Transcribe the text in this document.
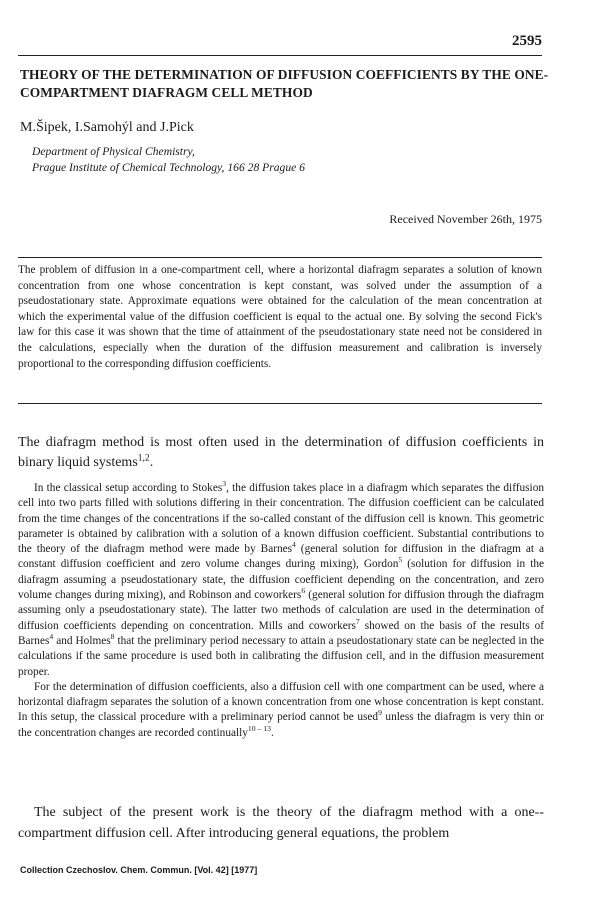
2595
THEORY OF THE DETERMINATION OF DIFFUSION COEFFICIENTS BY THE ONE-COMPARTMENT DIAFRAGM CELL METHOD
M.Šipek, I.Samohýl and J.Pick
Department of Physical Chemistry,
Prague Institute of Chemical Technology, 166 28 Prague 6
Received November 26th, 1975
The problem of diffusion in a one-compartment cell, where a horizontal diafragm separates a solution of known concentration from one whose concentration is kept constant, was solved under the assumption of a pseudostationary state. Approximate equations were obtained for the calculation of the mean concentration at which the experimental value of the diffusion coefficient is equal to the actual one. By solving the second Fick's law for this case it was shown that the time of attainment of the pseudostationary state need not be considered in the calculations, especially when the duration of the diffusion measurement and calibration is inversely proportional to the corresponding diffusion coefficients.
The diafragm method is most often used in the determination of diffusion coefficients in binary liquid systems$^{1,2}$.

In the classical setup according to Stokes$^3$, the diffusion takes place in a diafragm which separates the diffusion cell into two parts filled with solutions differing in their concentration. The diffusion coefficient can be calculated from the time changes of the concentrations if the so-called constant of the diffusion cell is known. This geometric parameter is obtained by calibration with a solution of a known diffusion coefficient. Substantial contributions to the theory of the diafragm method were made by Barnes$^4$ (general solution for diffusion in the diafragm at a constant diffusion coefficient and zero volume changes during mixing), Gordon$^5$ (solution for diffusion in the diafragm assuming a pseudostationary state, the diffusion coefficient depending on the concentration, and zero volume changes during mixing), and Robinson and coworkers$^6$ (general solution for diffusion through the diafragm assuming only a pseudostationary state). The latter two methods of calculation are used in the determination of diffusion coefficients depending on concentration. Mills and coworkers$^7$ showed on the basis of the results of Barnes$^4$ and Holmes$^8$ that the preliminary period necessary to attain a pseudostationary state can be neglected in the calculations if the same procedure is used both in calibrating the diffusion cell, and in the diffusion measurement proper.

For the determination of diffusion coefficients, also a diffusion cell with one compartment can be used, where a horizontal diafragm separates the solution of a known concentration from one whose concentration is kept constant. In this setup, the classical procedure with a preliminary period cannot be used$^9$ unless the diafragm is very thin or the concentration changes are recorded continually$^{10 - 13}$.

The subject of the present work is the theory of the diafragm method with a one--compartment diffusion cell. After introducing general equations, the problem
Collection Czechoslov. Chem. Commun. [Vol. 42] [1977]
